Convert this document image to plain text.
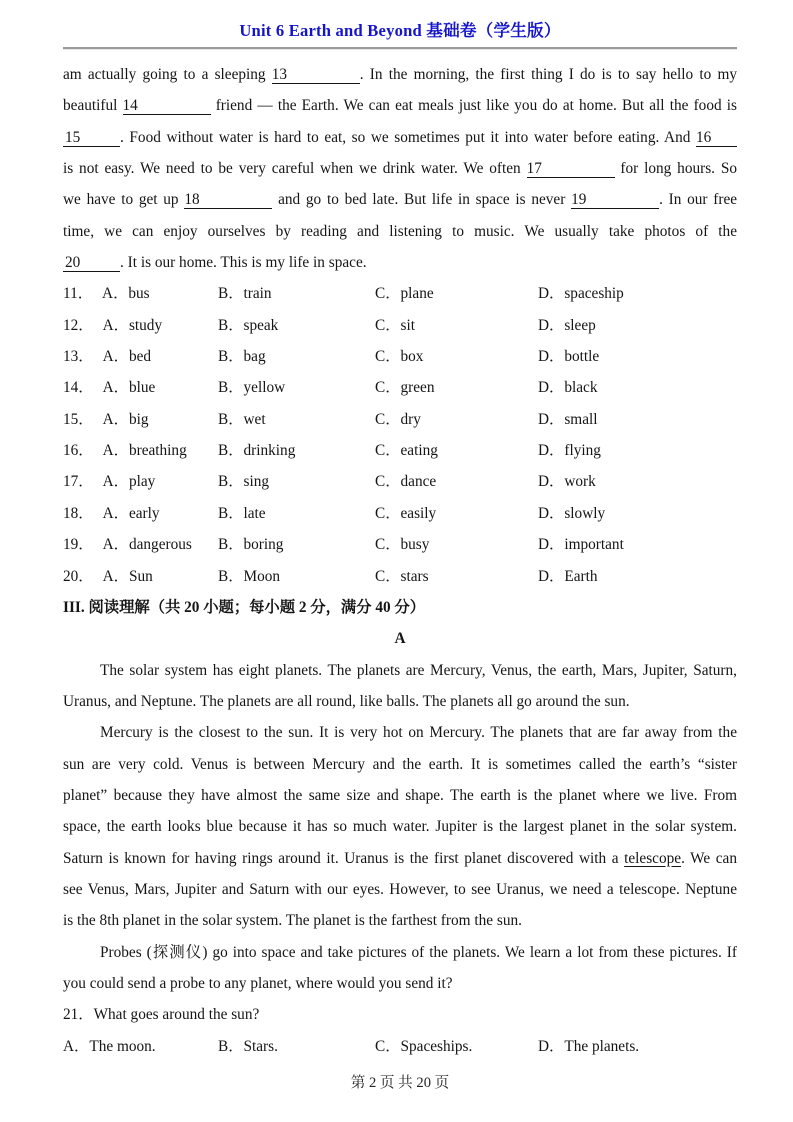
Unit 6 Earth and Beyond 基础卷（学生版）
am actually going to a sleeping 13	. In the morning, the first thing I do is to say hello to my
beautiful 14	friend — the Earth. We can eat meals just like you do at home. But all the food is
15	. Food without water is hard to eat, so we sometimes put it into water before eating. And 16
is not easy. We need to be very careful when we drink water. We often 17	for long hours. So
we have to get up 18	and go to bed late. But life in space is never 19	. In our free
time, we can enjoy ourselves by reading and listening to music. We usually take photos of the
20	. It is our home. This is my life in space.
11． A．bus	B．train	C．plane	D．spaceship
12． A．study	B．speak	C．sit	D．sleep
13． A．bed	B．bag	C．box	D．bottle
14． A．blue	B．yellow	C．green	D．black
15． A．big	B．wet	C．dry	D．small
16． A．breathing	B．drinking	C．eating	D．flying
17． A．play	B．sing	C．dance	D．work
18． A．early	B．late	C．easily	D．slowly
19． A．dangerous	B．boring	C．busy	D．important
20． A．Sun	B．Moon	C．stars	D．Earth
III. 阅读理解（共 20 小题；每小题 2 分，满分 40 分）
A
The solar system has eight planets. The planets are Mercury, Venus, the earth, Mars, Jupiter, Saturn,
Uranus, and Neptune. The planets are all round, like balls. The planets all go around the sun.
Mercury is the closest to the sun. It is very hot on Mercury. The planets that are far away from the
sun are very cold. Venus is between Mercury and the earth. It is sometimes called the earth’s “sister
planet” because they have almost the same size and shape. The earth is the planet where we live. From
space, the earth looks blue because it has so much water. Jupiter is the largest planet in the solar system.
Saturn is known for having rings around it. Uranus is the first planet discovered with a telescope. We can
see Venus, Mars, Jupiter and Saturn with our eyes. However, to see Uranus, we need a telescope. Neptune
is the 8th planet in the solar system. The planet is the farthest from the sun.
Probes (探测仪) go into space and take pictures of the planets. We learn a lot from these pictures. If
you could send a probe to any planet, where would you send it?
21．What goes around the sun?
A．The moon.	B．Stars.	C．Spaceships.	D．The planets.
第 2 页 共 20 页
